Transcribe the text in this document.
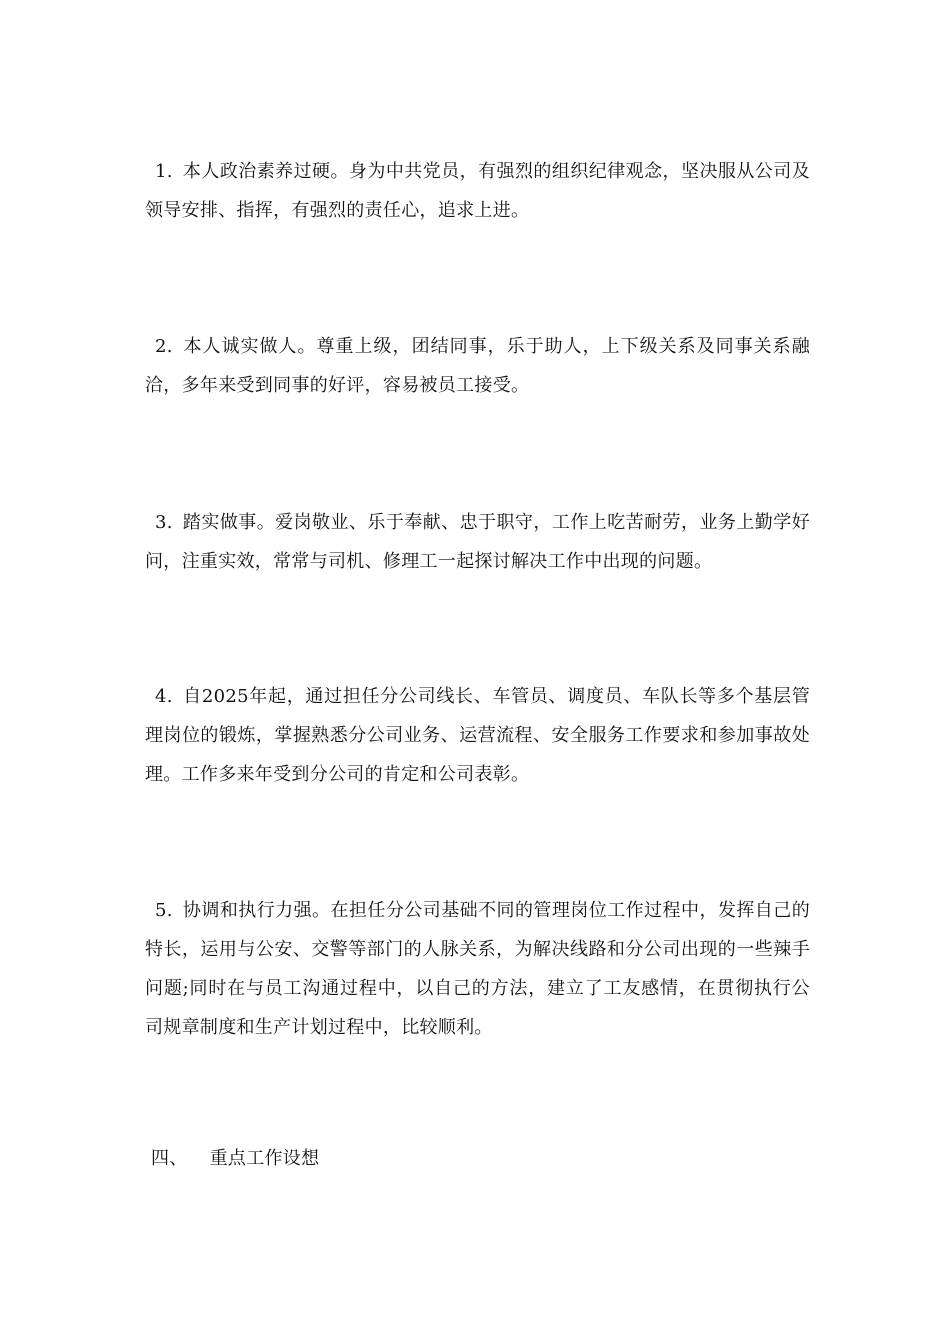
1. 本人政治素养过硬。身为中共党员，有强烈的组织纪律观念，坚决服从公司及领导安排、指挥，有强烈的责任心，追求上进。

2. 本人诚实做人。尊重上级，团结同事，乐于助人，上下级关系及同事关系融洽，多年来受到同事的好评，容易被员工接受。

3. 踏实做事。爱岗敬业、乐于奉献、忠于职守，工作上吃苦耐劳，业务上勤学好问，注重实效，常常与司机、修理工一起探讨解决工作中出现的问题。

4. 自2025年起，通过担任分公司线长、车管员、调度员、车队长等多个基层管理岗位的锻炼，掌握熟悉分公司业务、运营流程、安全服务工作要求和参加事故处理。工作多来年受到分公司的肯定和公司表彰。

5. 协调和执行力强。在担任分公司基础不同的管理岗位工作过程中，发挥自己的特长，运用与公安、交警等部门的人脉关系，为解决线路和分公司出现的一些辣手问题;同时在与员工沟通过程中，以自己的方法，建立了工友感情，在贯彻执行公司规章制度和生产计划过程中，比较顺利。

四、 重点工作设想
